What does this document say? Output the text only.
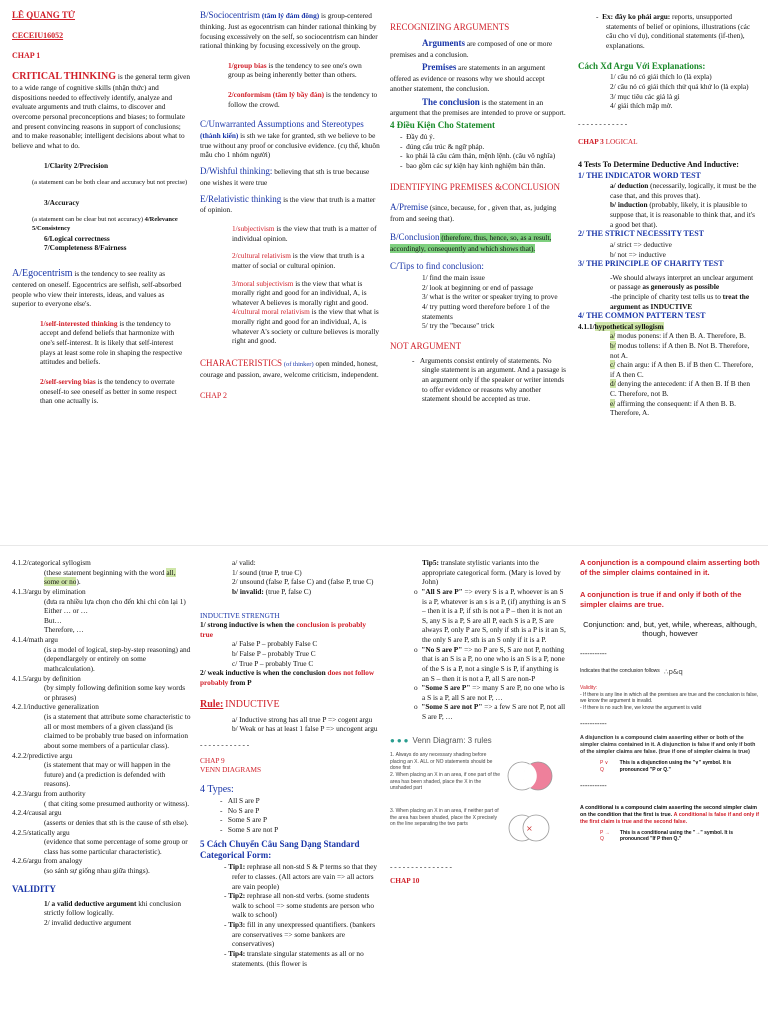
LÊ QUANG TỨ

CECEIU16052

CHAP 1

CRITICAL THINKING is the general term given to a wide range of cognitive skills (nhận thức) and dispositions needed to effectively identify, analyze and evaluate arguments and truth claims, to discover and overcome personal preconceptions and biases; to formulate and present convincing reasons in support of conclusions; and to make reasonable; intelligent decisions about what to believe and what to do.

1/Clarity 2/Precision

(a statement can be both clear and accuracy but not precise)

3/Accuracy

(a statement can be clear but not accuracy) 4/Relevance 5/Consistency

6/Logical correctness

7/Completeness 8/Fairness

A/Egocentrism is the tendency to see reality as centered on oneself. Egocentrics are selfish, self-absorbed people who view their interests, ideas, and values as superior to everyone else's.

1/self-interested thinking is the tendency to accept and defend beliefs that harmonize with one's self-interest. It is likely that self-interest plays at least some role in shaping the respective attitudes and beliefs.

2/self-serving bias is the tendency to overrate oneself-to see oneself as better in some respect than one actually is.

B/Sociocentrism (tâm lý đám đông) is group-centered thinking. Just as egocentrism can hinder rational thinking by focusing excessively on the self, so sociocentrism can hinder rational thinking by focusing excessively on the group.

1/group bias is the tendency to see one's own group as being inherently better than others.

2/conformism (tâm lý bầy đàn) is the tendency to follow the crowd.

C/Unwarranted Assumptions and Stereotypes (thành kiến) is sth we take for granted, sth we believe to be true without any proof or conclusive evidence. (cụ thể, khuôn mẫu cho 1 nhóm người)

D/Wishful thinking: believing that sth is true because one wishes it were true

E/Relativistic thinking is the view that truth is a matter of opinion.

1/subjectivism is the view that truth is a matter of individual opinion.

2/cultural relativism is the view that truth is a matter of social or cultural opinion.

3/moral subjectivism is the view that what is morally right and good for an individual, A, is whatever A believes is morally right and good.

4/cultural moral relativism is the view that what is morally right and good for an individual, A, is whatever A's society or culture believes is morally right and good.

CHARACTERISTICS (of thinker) open minded, honest, courage and passion, aware, welcome criticism, independent.

CHAP 2

RECOGNIZING ARGUMENTS

Arguments are composed of one or more premises and a conclusion.

Premises are statements in an argument offered as evidence or reasons why we should accept another statement, the conclusion.

The conclusion is the statement in an argument that the premises are intended to prove or support.

4 Điều Kiện Cho Statement

-  Đầy đủ ý.

-  đúng cấu trúc & ngữ pháp.

-  ko phải là câu cảm thán, mệnh lệnh. (câu vô nghĩa)

-  bao gồm các sự kiện hay kinh nghiệm bản thân.

IDENTIFYING PREMISES &CONCLUSION

A/Premise (since, because, for , given that, as, judging from and seeing that).

B/Conclusion (therefore, thus, hence, so, as a result, accordingly, consequently and which shows that).

C/Tips to find conclusion:

1/ find the main issue

2/ look at beginning or end of passage

3/ what is the writer or speaker trying to prove

4/ try putting word therefore before 1 of the statements

5/ try the "because" trick

NOT ARGUMENT

-   Arguments consist entirely of statements. No single statement is an argument. And a passage is an argument only if the speaker or writer intends to offer evidence or reasons why another statement should be accepted as true.

-  Ex: đây ko phải argu: reports, unsupported statements of belief or opinions, illustrations (các câu cho ví dụ), conditional statements (if-then), explanations.

Cách Xđ Argu Với Explanations:

1/ câu nó có giải thích lo (là expla)

2/ câu nó có giải thích thử quả khứ lo (là expla)

3/ mục tiêu các giả là gì

4/ giải thích mập mờ.

- - - - - - - - - - - -

CHAP 3 LOGICAL

4 Tests To Determine Deductive And Inductive:

1/ THE INDICATOR WORD TEST

a/ deduction (necessarily, logically, it must be the case that, and this proves that).

b/ induction (probably, likely, it is plausible to suppose that, it is reasonable to think that, and it's a good bet that).

2/ THE STRICT NECESSITY TEST

a/ strict => deductive

b/ not => inductive

3/ THE PRINCIPLE OF CHARITY TEST

-We should always interpret an unclear argument or passage as generously as possible

-the principle of charity test tells us to treat the argument as INDUCTIVE

4/ THE COMMON PATTERN TEST

4.1.1/hypothetical syllogism

a/ modus ponens: if A then B. A. Therefore, B.

b/ modus tollens: if A then B. Not B. Therefore, not A.

c/ chain argu: if A then B. if B then C. Therefore, if A then C.

d/ denying the antecedent: if A then B. If B then C. Therefore, not B.

e/ affirming the consequent: if A then B. B. Therefore, A.

4.1.2/categorical syllogism

(these statement beginning with the word all, some or no).

4.1.3/argu by elimination

(đưa ra nhiều lựa chọn cho đến khi chỉ còn lại 1)

Either … or …

But…

Therefore, …

4.1.4/math argu

(is a model of logical, step-by-step reasoning) and (dependlargely or entirely on some mathcalculation).

4.1.5/argu by definition

(by simply following definition some key words or phrases)

4.2.1/inductive generalization

(is a statement that attribute some characteristic to all or most members of a given class)and (is claimed to be probably true based on information about some members of a particular class).

4.2.2/predictive argu

(is statement that may or will happen in the future) and (a prediction is defended with reasons).

4.2.3/argu from authority

( that citing some presumed authority or witness).

4.2.4/causal argu

(asserts or denies that sth is the cause of sth else).

4.2.5/statically argu

(evidence that some percentage of some group or class has some particular characteristic).

4.2.6/argu from analogy

(so sánh sự giống nhau giữa things).

VALIDITY

1/ a valid deductive argument khi conclusion strictly follow logically.

2/ invalid deductive argument

a/ valid:

1/ sound (true P, true C)

2/ unsound (false P, false C) and (false P, true C)

b/ invalid: (true P, false C)

INDUCTIVE STRENGTH

1/ strong inductive is when the conclusion is probably true

a/ False P – probably False C

b/ False P – probably True C

c/ True P – probably True C

2/ weak inductive is when the conclusion does not follow probably from P

Rule: INDUCTIVE

a/ Inductive strong has all true P => cogent argu

b/ Weak or has at least 1 false P => uncogent argu

- - - - - - - - - - - -

CHAP 9

VENN DIAGRAMS

4 Types:

-   All S are P

-   No S are P

-   Some S are P

-   Some S are not P

5 Cách Chuyển Câu Sang Dạng Standard Categorical Form:

- Tip1: rephrase all non-std S & P terms so that they refer to classes. (All actors are vain => all actors are vain people)

- Tip2: rephrase all non-std verbs. (some students walk to school => some students are person who walk to school)

- Tip3: fill in any unexpressed quantifiers. (bankers are conservatives => some bankers are conservatives)

- Tip4: translate singular statements as all or no statements. (this flower is

Tip5: translate stylistic variants into the appropriate categorical form. (Mary is loved by John)

o  "All S are P" => every S is a P, whoever is an S is a P, whatever is an s is a P, (if) anything is an S – then it is a P, if sth is not a P – then it is not an S, any S is a P, S are all P, each S is a P, S are always P, only P are S, only if sth is a P is it an S, the only S are P, sth is an S only if it is a P.

o  "No S are P" => no P are S, S are not P, nothing that is an S is a P, no one who is an S is a P, none of the S is a P, not a single S is P, if anything is an S – then it is not a P, all S are non-P

o  "Some S are P" => many S are P, no one who is a S is a P, all S are not P, …

o  "Some S are not P" => a few S are not P, not all S are P, …

● ● ● Venn Diagram: 3 rules
1. Always do any necessary shading before placing an X. ALL or NO statements should be done first
2. When placing an X in an area, if one part of the area has been shaded, place the X in the unshaded part
3. When placing an X in an area, if neither part of the area has been shaded, place the X precisely on the line separating the two parts	×

- - - - - - - - - - - - - - -

CHAP 10

A conjunction is a compound claim asserting both of the simpler claims contained in it.

A conjunction is true if and only if both of the simpler claims are true.

Conjunction: and, but, yet, while, whereas, although, though, however

-----------

Indicates that the conclusion follows ∴p&q

Validity:

- If there is any line in which all the premises are true and the conclusion is false, we know the argument is invalid.

- If there is no such line, we know the argument is valid

-----------

A disjunction is a compound claim asserting either or both of the simpler claims contained in it. A disjunction is false if and only if both of the simpler claims are false. (true if one of simpler claims is true)

P ∨ Q
This is a disjunction using the "∨" symbol. It is pronounced "P or Q."

-----------

A conditional is a compound claim asserting the second simpler claim on the condition that the first is true. A conditional is false if and only if the first claim is true and the second false.

P → Q
This is a conditional using the "→" symbol. It is pronounced "If P then Q."
